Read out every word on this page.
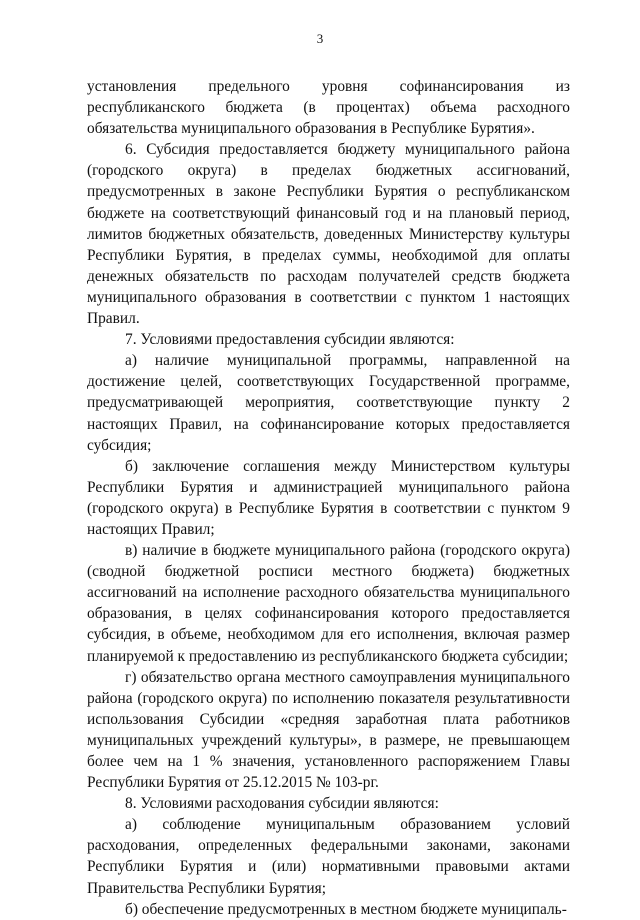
3

установления предельного уровня софинансирования из республиканского бюджета (в процентах) объема расходного обязательства муниципального образования в Республике Бурятия».

6. Субсидия предоставляется бюджету муниципального района (городского округа) в пределах бюджетных ассигнований, предусмотренных в законе Республики Бурятия о республиканском бюджете на соответствующий финансовый год и на плановый период, лимитов бюджетных обязательств, доведенных Министерству культуры Республики Бурятия, в пределах суммы, необходимой для оплаты денежных обязательств по расходам получателей средств бюджета муниципального образования в соответствии с пунктом 1 настоящих Правил.

7. Условиями предоставления субсидии являются:

а) наличие муниципальной программы, направленной на достижение целей, соответствующих Государственной программе, предусматривающей мероприятия, соответствующие пункту 2 настоящих Правил, на софинансирование которых предоставляется субсидия;

б) заключение соглашения между Министерством культуры Республики Бурятия и администрацией муниципального района (городского округа) в Республике Бурятия в соответствии с пунктом 9 настоящих Правил;

в) наличие в бюджете муниципального района (городского округа) (сводной бюджетной росписи местного бюджета) бюджетных ассигнований на исполнение расходного обязательства муниципального образования, в целях софинансирования которого предоставляется субсидия, в объеме, необходимом для его исполнения, включая размер планируемой к предоставлению из республиканского бюджета субсидии;

г) обязательство органа местного самоуправления муниципального района (городского округа) по исполнению показателя результативности использования Субсидии «средняя заработная плата работников муниципальных учреждений культуры», в размере, не превышающем более чем на 1 % значения, установленного распоряжением Главы Республики Бурятия от 25.12.2015 № 103-рг.

8. Условиями расходования субсидии являются:

а) соблюдение муниципальным образованием условий расходования, определенных федеральными законами, законами Республики Бурятия и (или) нормативными правовыми актами Правительства Республики Бурятия;

б) обеспечение предусмотренных в местном бюджете муниципаль-
